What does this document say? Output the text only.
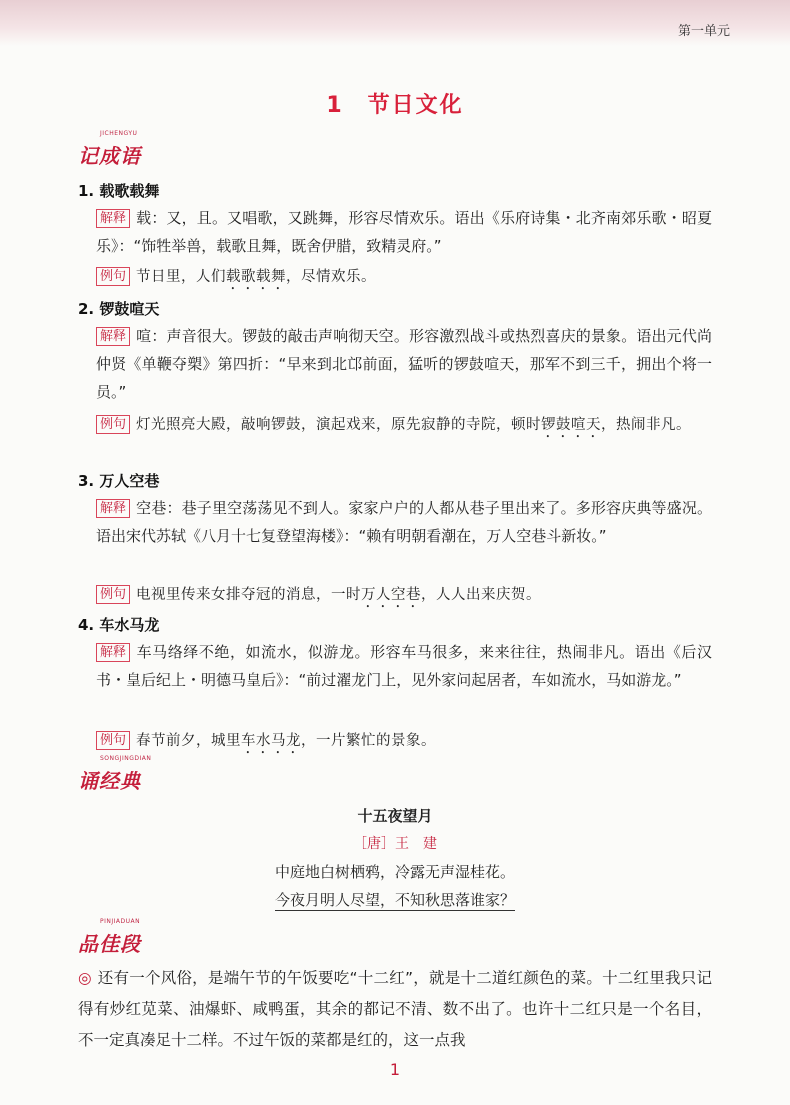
第一单元
1　节日文化
JICHENGYU
记成语
1. 载歌载舞
解释 载：又，且。又唱歌，又跳舞，形容尽情欢乐。语出《乐府诗集・北齐南郊乐歌・昭夏乐》：“饰牲举兽，载歌且舞，既舍伊腊，致精灵府。”
例句 节日里，人们载歌载舞，尽情欢乐。
2. 锣鼓喧天
解释 喧：声音很大。锣鼓的敲击声响彻天空。形容激烈战斗或热烈喜庆的景象。语出元代尚仲贤《单鞭夺槊》第四折：“早来到北邙前面，猛听的锣鼓喧天，那军不到三千，拥出个将一员。”
例句 灯光照亮大殿，敲响锣鼓，演起戏来，原先寂静的寺院，顿时锣鼓喧天，热闹非凡。
3. 万人空巷
解释 空巷：巷子里空荡荡见不到人。家家户户的人都从巷子里出来了。多形容庆典等盛况。语出宋代苏轼《八月十七复登望海楼》：“赖有明朝看潮在，万人空巷斗新妆。”
例句 电视里传来女排夺冠的消息，一时万人空巷，人人出来庆贺。
4. 车水马龙
解释 车马络绎不绝，如流水，似游龙。形容车马很多，来来往往，热闹非凡。语出《后汉书・皇后纪上・明德马皇后》：“前过濯龙门上，见外家问起居者，车如流水，马如游龙。”
例句 春节前夕，城里车水马龙，一片繁忙的景象。
SONGJINGDIAN
诵经典
十五夜望月
［唐］王　建
中庭地白树栖鸦，冷露无声湿桂花。
今夜月明人尽望，不知秋思落谁家？
PINJIADUAN
品佳段
◎ 还有一个风俗，是端午节的午饭要吃“十二红”，就是十二道红颜色的菜。十二红里我只记得有炒红苋菜、油爆虾、咸鸭蛋，其余的都记不清、数不出了。也许十二红只是一个名目，不一定真凑足十二样。不过午饭的菜都是红的，这一点我
1
